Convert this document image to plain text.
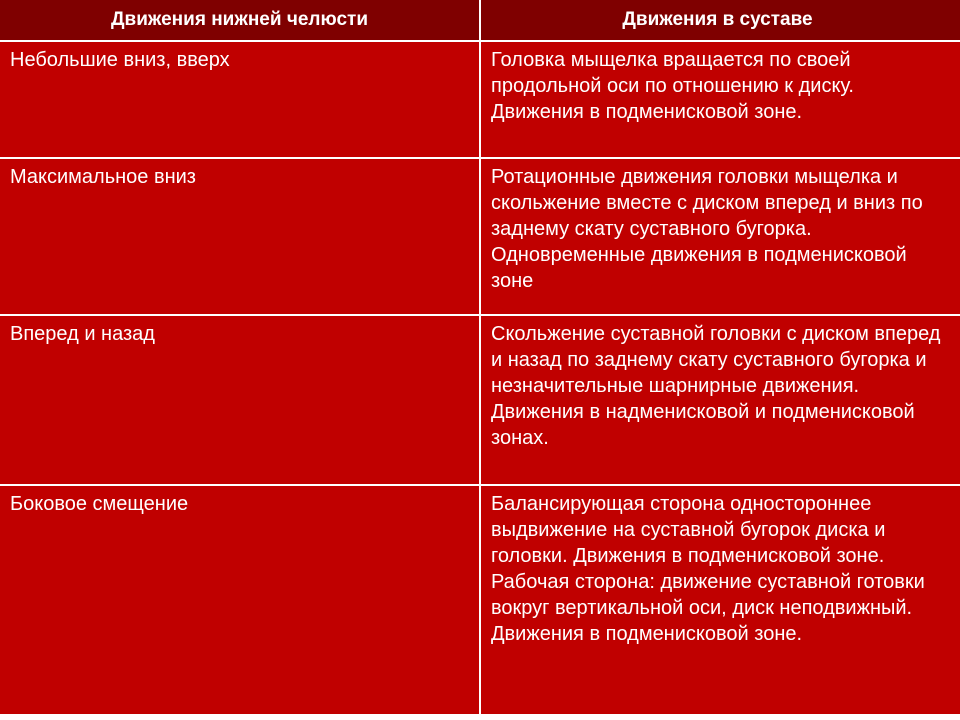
Движения нижней челюсти	Движения в суставе
Небольшие вниз, вверх	Головка мыщелка вращается по своей продольной оси по отношению к диску. Движения в подменисковой зоне.
Максимальное вниз	Ротационные движения головки мыщелка и скольжение вместе с диском вперед и вниз по заднему скату суставного бугорка. Одновременные движения в подменисковой зоне
Вперед и назад	Скольжение суставной головки с диском вперед и назад по заднему скату суставного бугорка и незначительные шарнирные движения. Движения в надменисковой и подменисковой зонах.
Боковое смещение	Балансирующая сторона одностороннее выдвижение на суставной бугорок диска и головки. Движения в подменисковой зоне. Рабочая сторона: движение суставной готовки вокруг вертикальной оси, диск неподвижный. Движения в подменисковой зоне.
